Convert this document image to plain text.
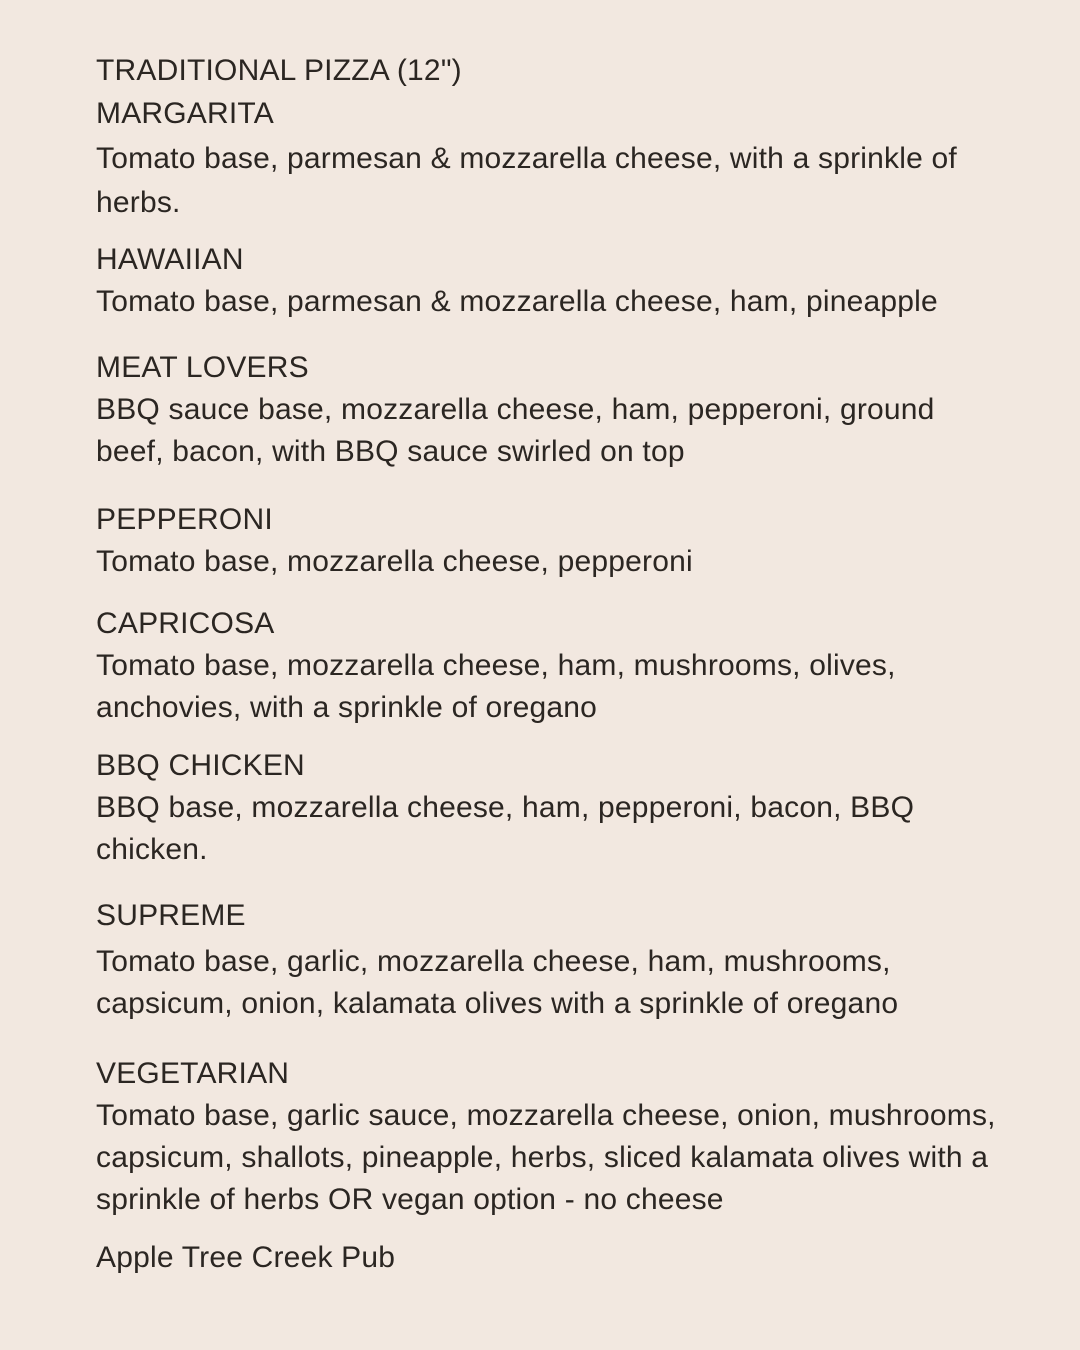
TRADITIONAL PIZZA (12")
MARGARITA
Tomato base, parmesan & mozzarella cheese, with a sprinkle of herbs.
HAWAIIAN
Tomato base, parmesan & mozzarella cheese, ham, pineapple
MEAT LOVERS
BBQ sauce base, mozzarella cheese, ham, pepperoni, ground beef, bacon, with BBQ sauce swirled on top
PEPPERONI
Tomato base, mozzarella cheese, pepperoni
CAPRICOSA
Tomato base, mozzarella cheese, ham, mushrooms, olives, anchovies, with a sprinkle of oregano
BBQ CHICKEN
BBQ base, mozzarella cheese, ham, pepperoni, bacon, BBQ chicken.
SUPREME
Tomato base, garlic, mozzarella cheese, ham, mushrooms, capsicum, onion, kalamata olives with a sprinkle of oregano
VEGETARIAN
Tomato base, garlic sauce, mozzarella cheese, onion, mushrooms, capsicum, shallots, pineapple, herbs, sliced kalamata olives with a sprinkle of herbs OR vegan option - no cheese
Apple Tree Creek Pub
